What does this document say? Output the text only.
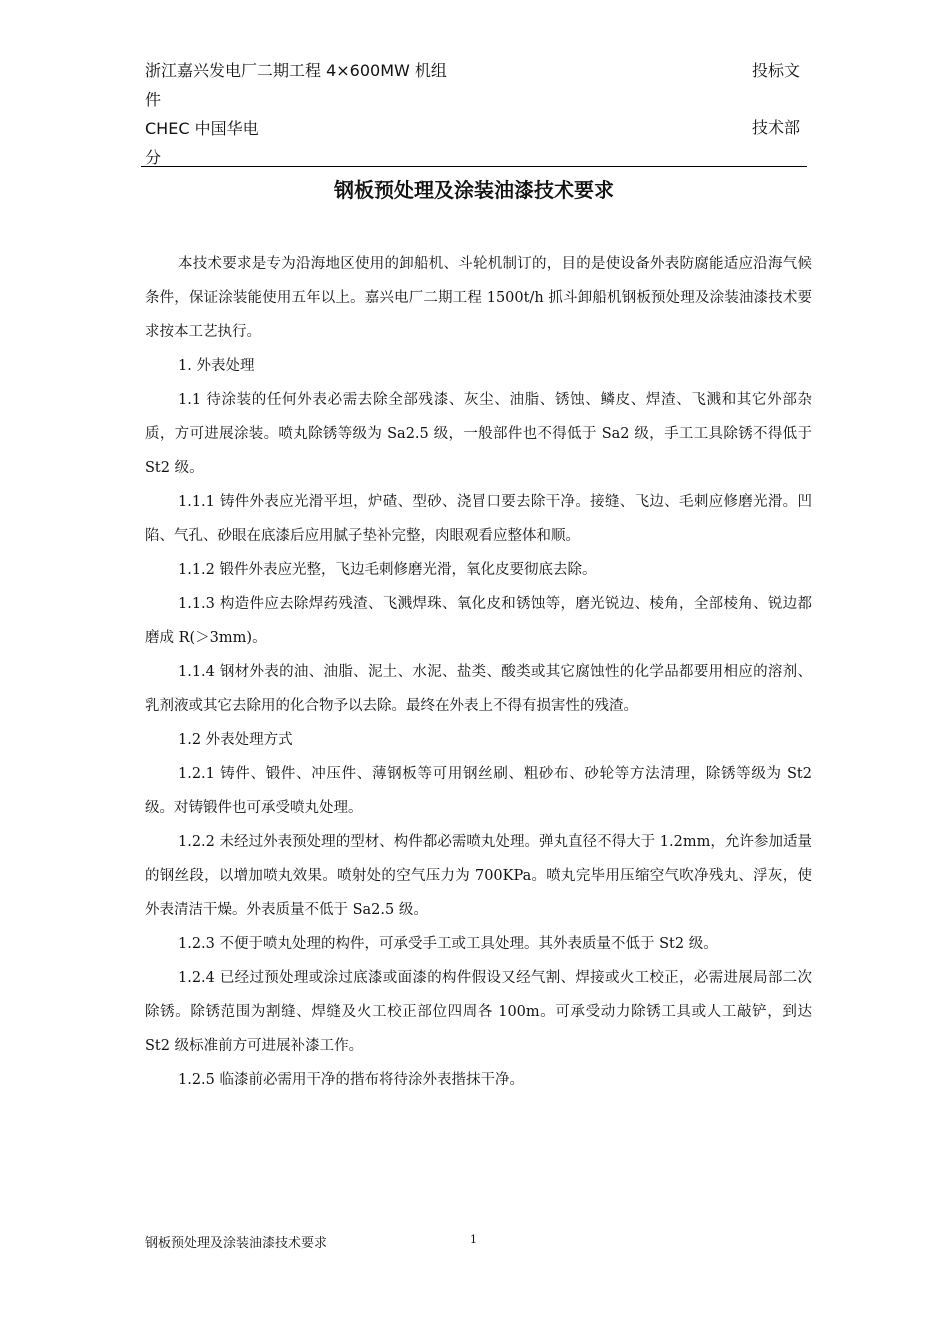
浙江嘉兴发电厂二期工程 4×600MW 机组
件
CHEC 中国华电
分
投标文
技术部
钢板预处理及涂装油漆技术要求

本技术要求是专为沿海地区使用的卸船机、斗轮机制订的，目的是使设备外表防腐能适应沿海气候条件，保证涂装能使用五年以上。嘉兴电厂二期工程 1500t/h 抓斗卸船机钢板预处理及涂装油漆技术要求按本工艺执行。

1. 外表处理

1.1 待涂装的任何外表必需去除全部残漆、灰尘、油脂、锈蚀、鳞皮、焊渣、飞溅和其它外部杂质，方可进展涂装。喷丸除锈等级为 Sa2.5 级，一般部件也不得低于 Sa2 级，手工工具除锈不得低于St2 级。

1.1.1 铸件外表应光滑平坦，炉碴、型砂、浇冒口要去除干净。接缝、飞边、毛刺应修磨光滑。凹陷、气孔、砂眼在底漆后应用腻子垫补完整，肉眼观看应整体和顺。

1.1.2 锻件外表应光整，飞边毛刺修磨光滑，氧化皮要彻底去除。

1.1.3 构造件应去除焊药残渣、飞溅焊珠、氧化皮和锈蚀等，磨光锐边、棱角，全部棱角、锐边都磨成 R(＞3mm)。

1.1.4 钢材外表的油、油脂、泥土、水泥、盐类、酸类或其它腐蚀性的化学品都要用相应的溶剂、乳剂液或其它去除用的化合物予以去除。最终在外表上不得有损害性的残渣。

1.2 外表处理方式

1.2.1 铸件、锻件、冲压件、薄钢板等可用钢丝刷、粗砂布、砂轮等方法清理，除锈等级为 St2 级。对铸锻件也可承受喷丸处理。

1.2.2 未经过外表预处理的型材、构件都必需喷丸处理。弹丸直径不得大于 1.2mm，允许参加适量的钢丝段，以增加喷丸效果。喷射处的空气压力为 700KPa。喷丸完毕用压缩空气吹净残丸、浮灰，使外表清洁干燥。外表质量不低于 Sa2.5 级。

1.2.3 不便于喷丸处理的构件，可承受手工或工具处理。其外表质量不低于 St2 级。

1.2.4 已经过预处理或涂过底漆或面漆的构件假设又经气割、焊接或火工校正，必需进展局部二次除锈。除锈范围为割缝、焊缝及火工校正部位四周各 100m。可承受动力除锈工具或人工敲铲，到达 St2 级标准前方可进展补漆工作。

1.2.5 临漆前必需用干净的揩布将待涂外表揩抹干净。

钢板预处理及涂装油漆技术要求	1
